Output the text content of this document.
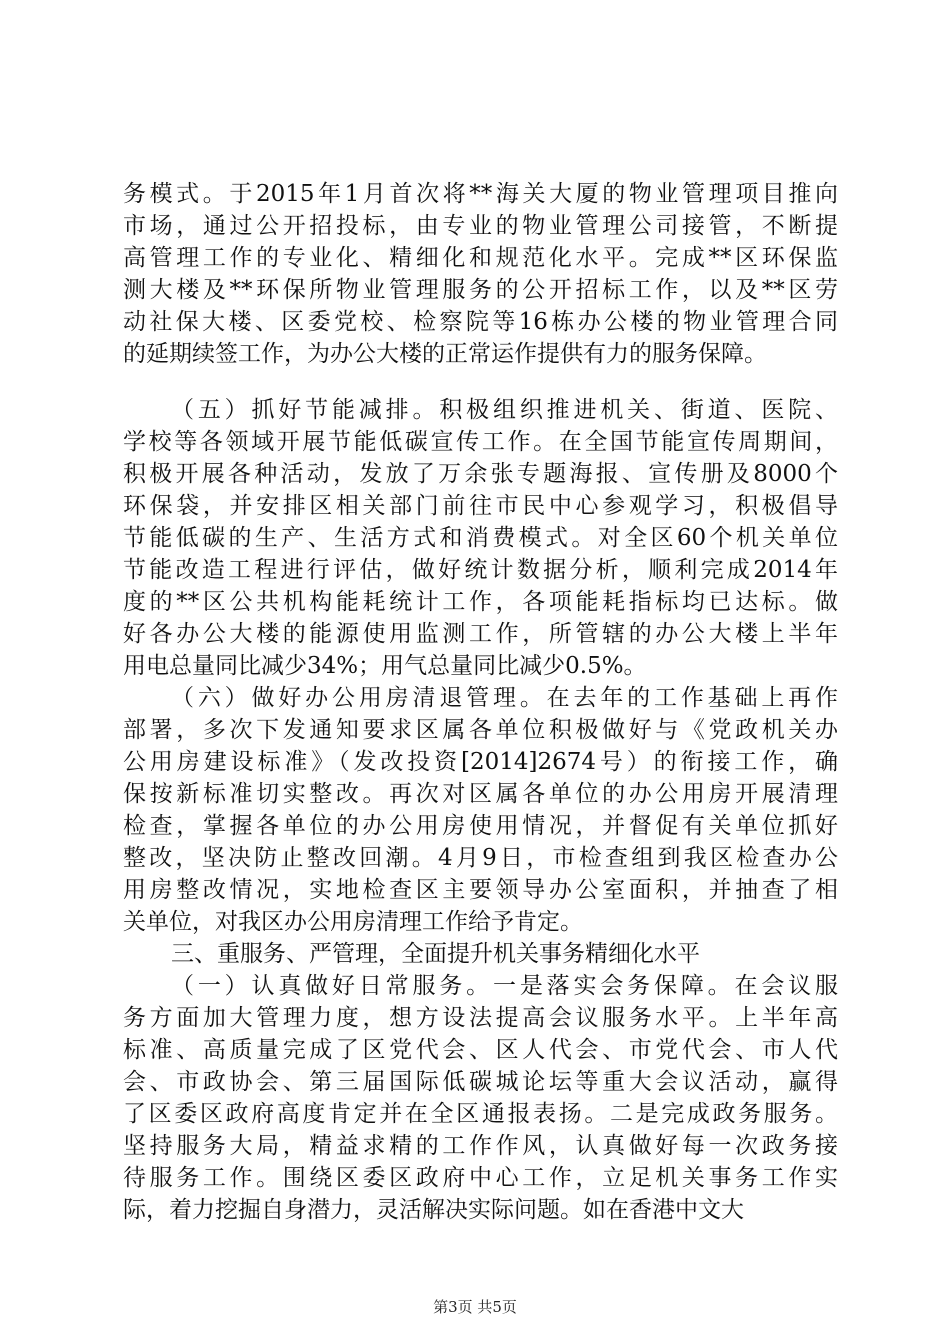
务模式。于2015年1月首次将**海关大厦的物业管理项目推向
市场，通过公开招投标，由专业的物业管理公司接管，不断提
高管理工作的专业化、精细化和规范化水平。完成**区环保监
测大楼及**环保所物业管理服务的公开招标工作，以及**区劳
动社保大楼、区委党校、检察院等16栋办公楼的物业管理合同
的延期续签工作，为办公大楼的正常运作提供有力的服务保障。
（五）抓好节能减排。积极组织推进机关、街道、医院、
学校等各领域开展节能低碳宣传工作。在全国节能宣传周期间，
积极开展各种活动，发放了万余张专题海报、宣传册及8000个
环保袋，并安排区相关部门前往市民中心参观学习，积极倡导
节能低碳的生产、生活方式和消费模式。对全区60个机关单位
节能改造工程进行评估，做好统计数据分析，顺利完成2014年
度的**区公共机构能耗统计工作，各项能耗指标均已达标。做
好各办公大楼的能源使用监测工作，所管辖的办公大楼上半年
用电总量同比减少34%；用气总量同比减少0.5%。
（六）做好办公用房清退管理。在去年的工作基础上再作
部署，多次下发通知要求区属各单位积极做好与《党政机关办
公用房建设标准》（发改投资[2014]2674号）的衔接工作，确
保按新标准切实整改。再次对区属各单位的办公用房开展清理
检查，掌握各单位的办公用房使用情况，并督促有关单位抓好
整改，坚决防止整改回潮。4月9日，市检查组到我区检查办公
用房整改情况，实地检查区主要领导办公室面积，并抽查了相
关单位，对我区办公用房清理工作给予肯定。
三、重服务、严管理，全面提升机关事务精细化水平
（一）认真做好日常服务。一是落实会务保障。在会议服
务方面加大管理力度，想方设法提高会议服务水平。上半年高
标准、高质量完成了区党代会、区人代会、市党代会、市人代
会、市政协会、第三届国际低碳城论坛等重大会议活动，赢得
了区委区政府高度肯定并在全区通报表扬。二是完成政务服务。
坚持服务大局，精益求精的工作作风，认真做好每一次政务接
待服务工作。围绕区委区政府中心工作，立足机关事务工作实
际，着力挖掘自身潜力，灵活解决实际问题。如在香港中文大
第3页 共5页
